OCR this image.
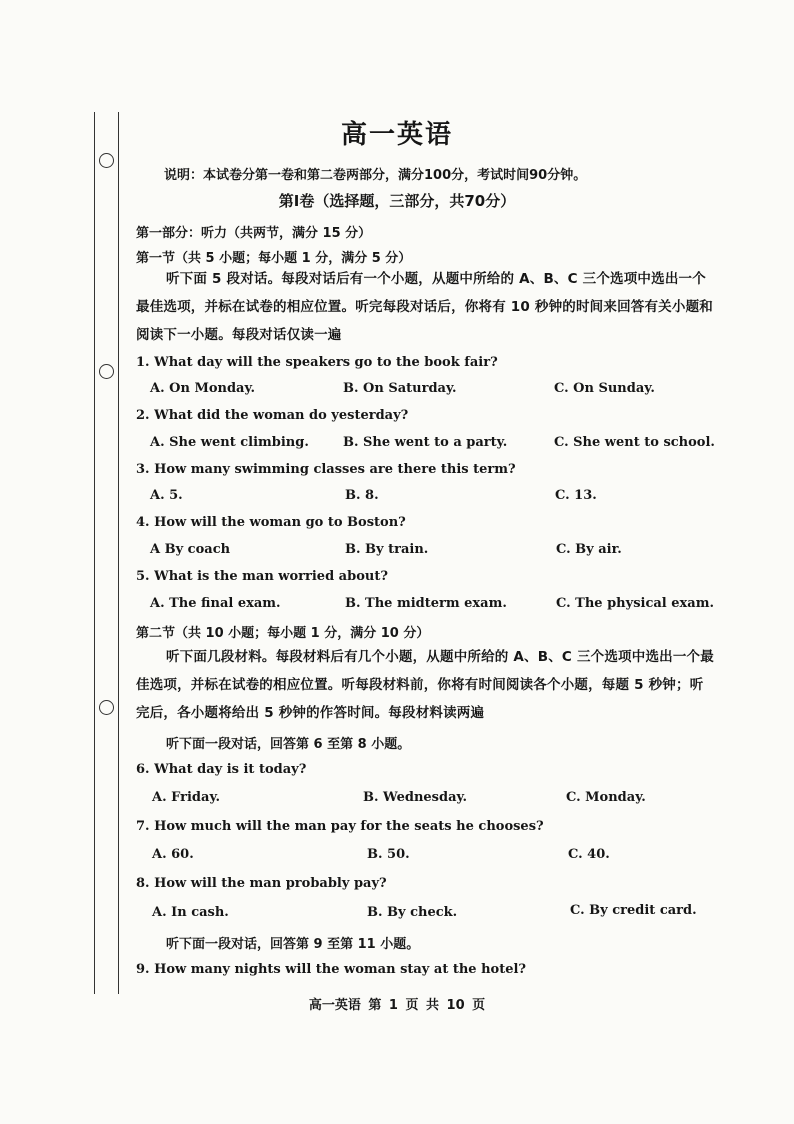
高一英语
说明：本试卷分第一卷和第二卷两部分，满分100分，考试时间90分钟。
第Ⅰ卷（选择题，三部分，共70分）
第一部分：听力（共两节，满分 15 分）
第一节（共 5 小题；每小题 1 分，满分 5 分）
听下面 5 段对话。每段对话后有一个小题，从题中所给的 A、B、C 三个选项中选出一个最佳选项，并标在试卷的相应位置。听完每段对话后，你将有 10 秒钟的时间来回答有关小题和阅读下一小题。每段对话仅读一遍
1. What day will the speakers go to the book fair?
A. On Monday.	B. On Saturday.	C. On Sunday.
2. What did the woman do yesterday?
A. She went climbing.	B. She went to a party.	C. She went to school.
3. How many swimming classes are there this term?
A. 5.	B. 8.	C. 13.
4. How will the woman go to Boston?
A By coach	B. By train.	C. By air.
5. What is the man worried about?
A. The final exam.	B. The midterm exam.	C. The physical exam.
第二节（共 10 小题；每小题 1 分，满分 10 分）
听下面几段材料。每段材料后有几个小题，从题中所给的 A、B、C 三个选项中选出一个最佳选项，并标在试卷的相应位置。听每段材料前，你将有时间阅读各个小题，每题 5 秒钟；听完后，各小题将给出 5 秒钟的作答时间。每段材料读两遍
听下面一段对话，回答第 6 至第 8 小题。
6. What day is it today?
A. Friday.	B. Wednesday.	C. Monday.
7. How much will the man pay for the seats he chooses?
A. 60.	B. 50.	C. 40.
8. How will the man probably pay?
A. In cash.	B. By check.	C. By credit card.
听下面一段对话，回答第 9 至第 11 小题。
9. How many nights will the woman stay at the hotel?
高一英语 第 1 页 共 10 页
